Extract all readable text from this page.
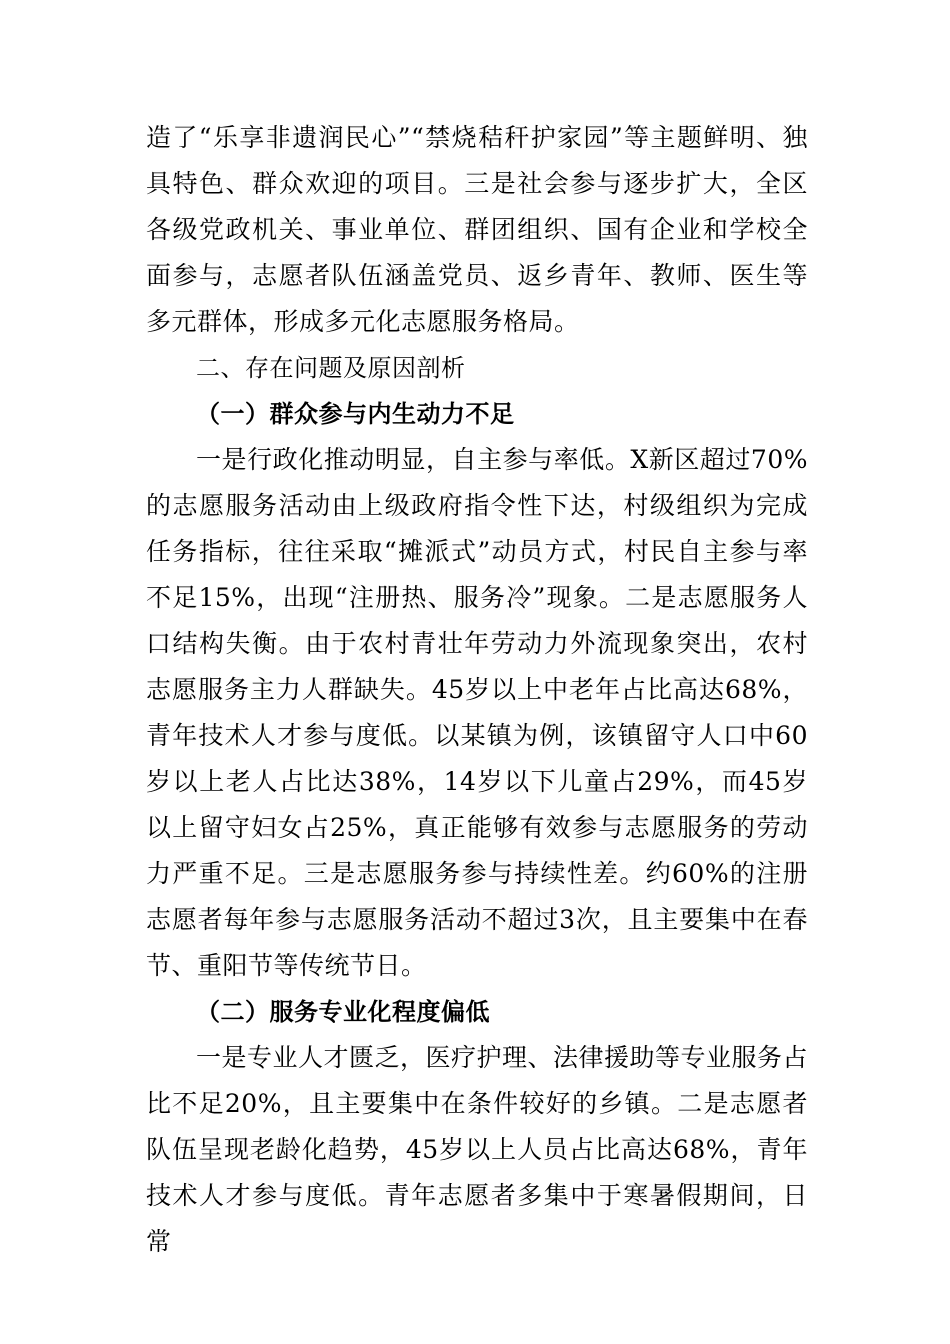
造了“乐享非遗润民心”“禁烧秸秆护家园”等主题鲜明、独具特色、群众欢迎的项目。三是社会参与逐步扩大，全区各级党政机关、事业单位、群团组织、国有企业和学校全面参与，志愿者队伍涵盖党员、返乡青年、教师、医生等多元群体，形成多元化志愿服务格局。

二、存在问题及原因剖析
（一）群众参与内生动力不足

一是行政化推动明显，自主参与率低。X新区超过70%的志愿服务活动由上级政府指令性下达，村级组织为完成任务指标，往往采取“摊派式”动员方式，村民自主参与率不足15%，出现“注册热、服务冷”现象。二是志愿服务人口结构失衡。由于农村青壮年劳动力外流现象突出，农村志愿服务主力人群缺失。45岁以上中老年占比高达68%，青年技术人才参与度低。以某镇为例，该镇留守人口中60岁以上老人占比达38%，14岁以下儿童占29%，而45岁以上留守妇女占25%，真正能够有效参与志愿服务的劳动力严重不足。三是志愿服务参与持续性差。约60%的注册志愿者每年参与志愿服务活动不超过3次，且主要集中在春节、重阳节等传统节日。

（二）服务专业化程度偏低

一是专业人才匮乏，医疗护理、法律援助等专业服务占比不足20%，且主要集中在条件较好的乡镇。二是志愿者队伍呈现老龄化趋势，45岁以上人员占比高达68%，青年技术人才参与度低。青年志愿者多集中于寒暑假期间，日常
